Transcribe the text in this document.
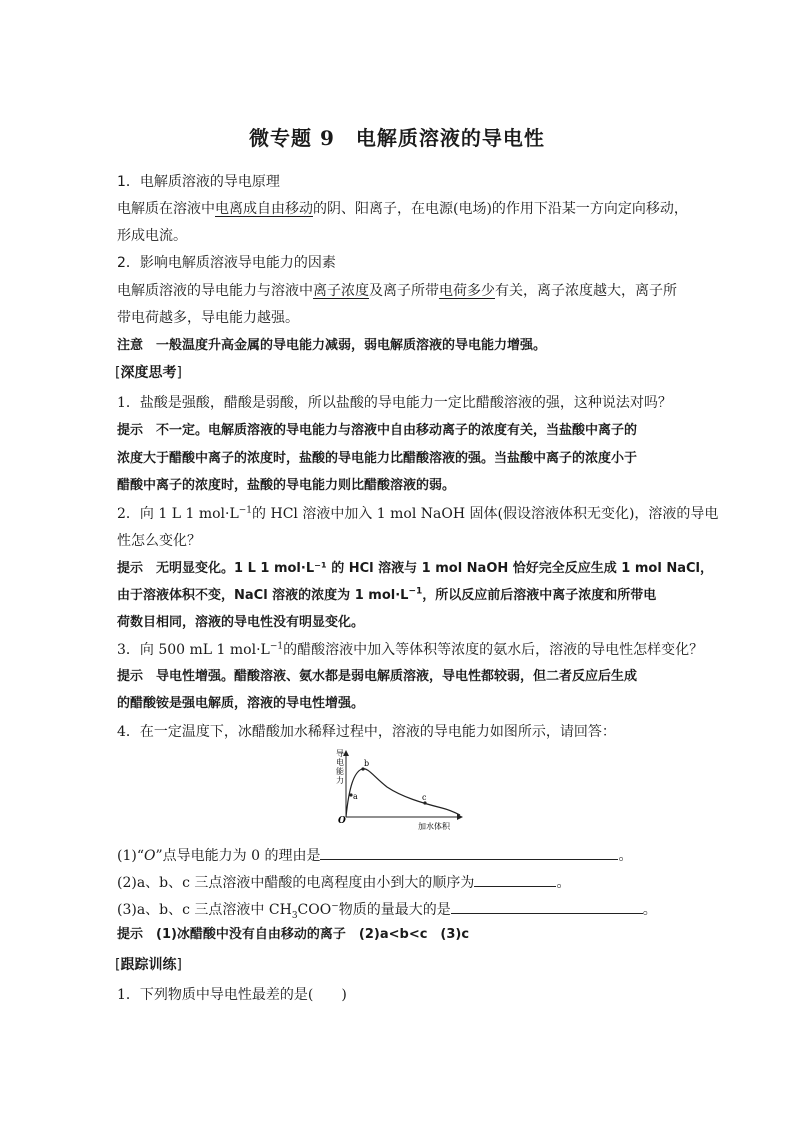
微专题 9　电解质溶液的导电性
1．电解质溶液的导电原理
电解质在溶液中电离成自由移动的阴、阳离子，在电源(电场)的作用下沿某一方向定向移动，
形成电流。
2．影响电解质溶液导电能力的因素
电解质溶液的导电能力与溶液中离子浓度及离子所带电荷多少有关，离子浓度越大，离子所
带电荷越多，导电能力越强。
注意　一般温度升高金属的导电能力减弱，弱电解质溶液的导电能力增强。
[深度思考]
1．盐酸是强酸，醋酸是弱酸，所以盐酸的导电能力一定比醋酸溶液的强，这种说法对吗？
提示　不一定。电解质溶液的导电能力与溶液中自由移动离子的浓度有关，当盐酸中离子的
浓度大于醋酸中离子的浓度时，盐酸的导电能力比醋酸溶液的强。当盐酸中离子的浓度小于
醋酸中离子的浓度时，盐酸的导电能力则比醋酸溶液的弱。
2．向 1 L 1 $mol\cdot L^{-1}$的 HCl 溶液中加入 1 mol NaOH 固体(假设溶液体积无变化)，溶液的导电
性怎么变化？
提示　无明显变化。1 L 1 mol·L⁻¹ 的 HCl 溶液与 1 mol NaOH 恰好完全反应生成 1 mol NaCl，
由于溶液体积不变，NaCl 溶液的浓度为 1 $mol\cdot L^{-1}$，所以反应前后溶液中离子浓度和所带电
荷数目相同，溶液的导电性没有明显变化。
3．向 500 mL 1 $mol\cdot L^{-1}$的醋酸溶液中加入等体积等浓度的氨水后，溶液的导电性怎样变化？
提示　导电性增强。醋酸溶液、氨水都是弱电解质溶液，导电性都较弱，但二者反应后生成
的醋酸铵是强电解质，溶液的导电性增强。
4．在一定温度下，冰醋酸加水稀释过程中，溶液的导电能力如图所示，请回答：
导
电
能
力
a
b
c
O
加水体积
(1)“O”点导电能力为 0 的理由是	。
(2)a、b、c 三点溶液中醋酸的电离程度由小到大的顺序为	。
(3)a、b、c 三点溶液中 $CH_3COO^-$物质的量最大的是	。
提示　(1)冰醋酸中没有自由移动的离子　(2)a<b<c　(3)c
[跟踪训练]
1．下列物质中导电性最差的是(　　)
